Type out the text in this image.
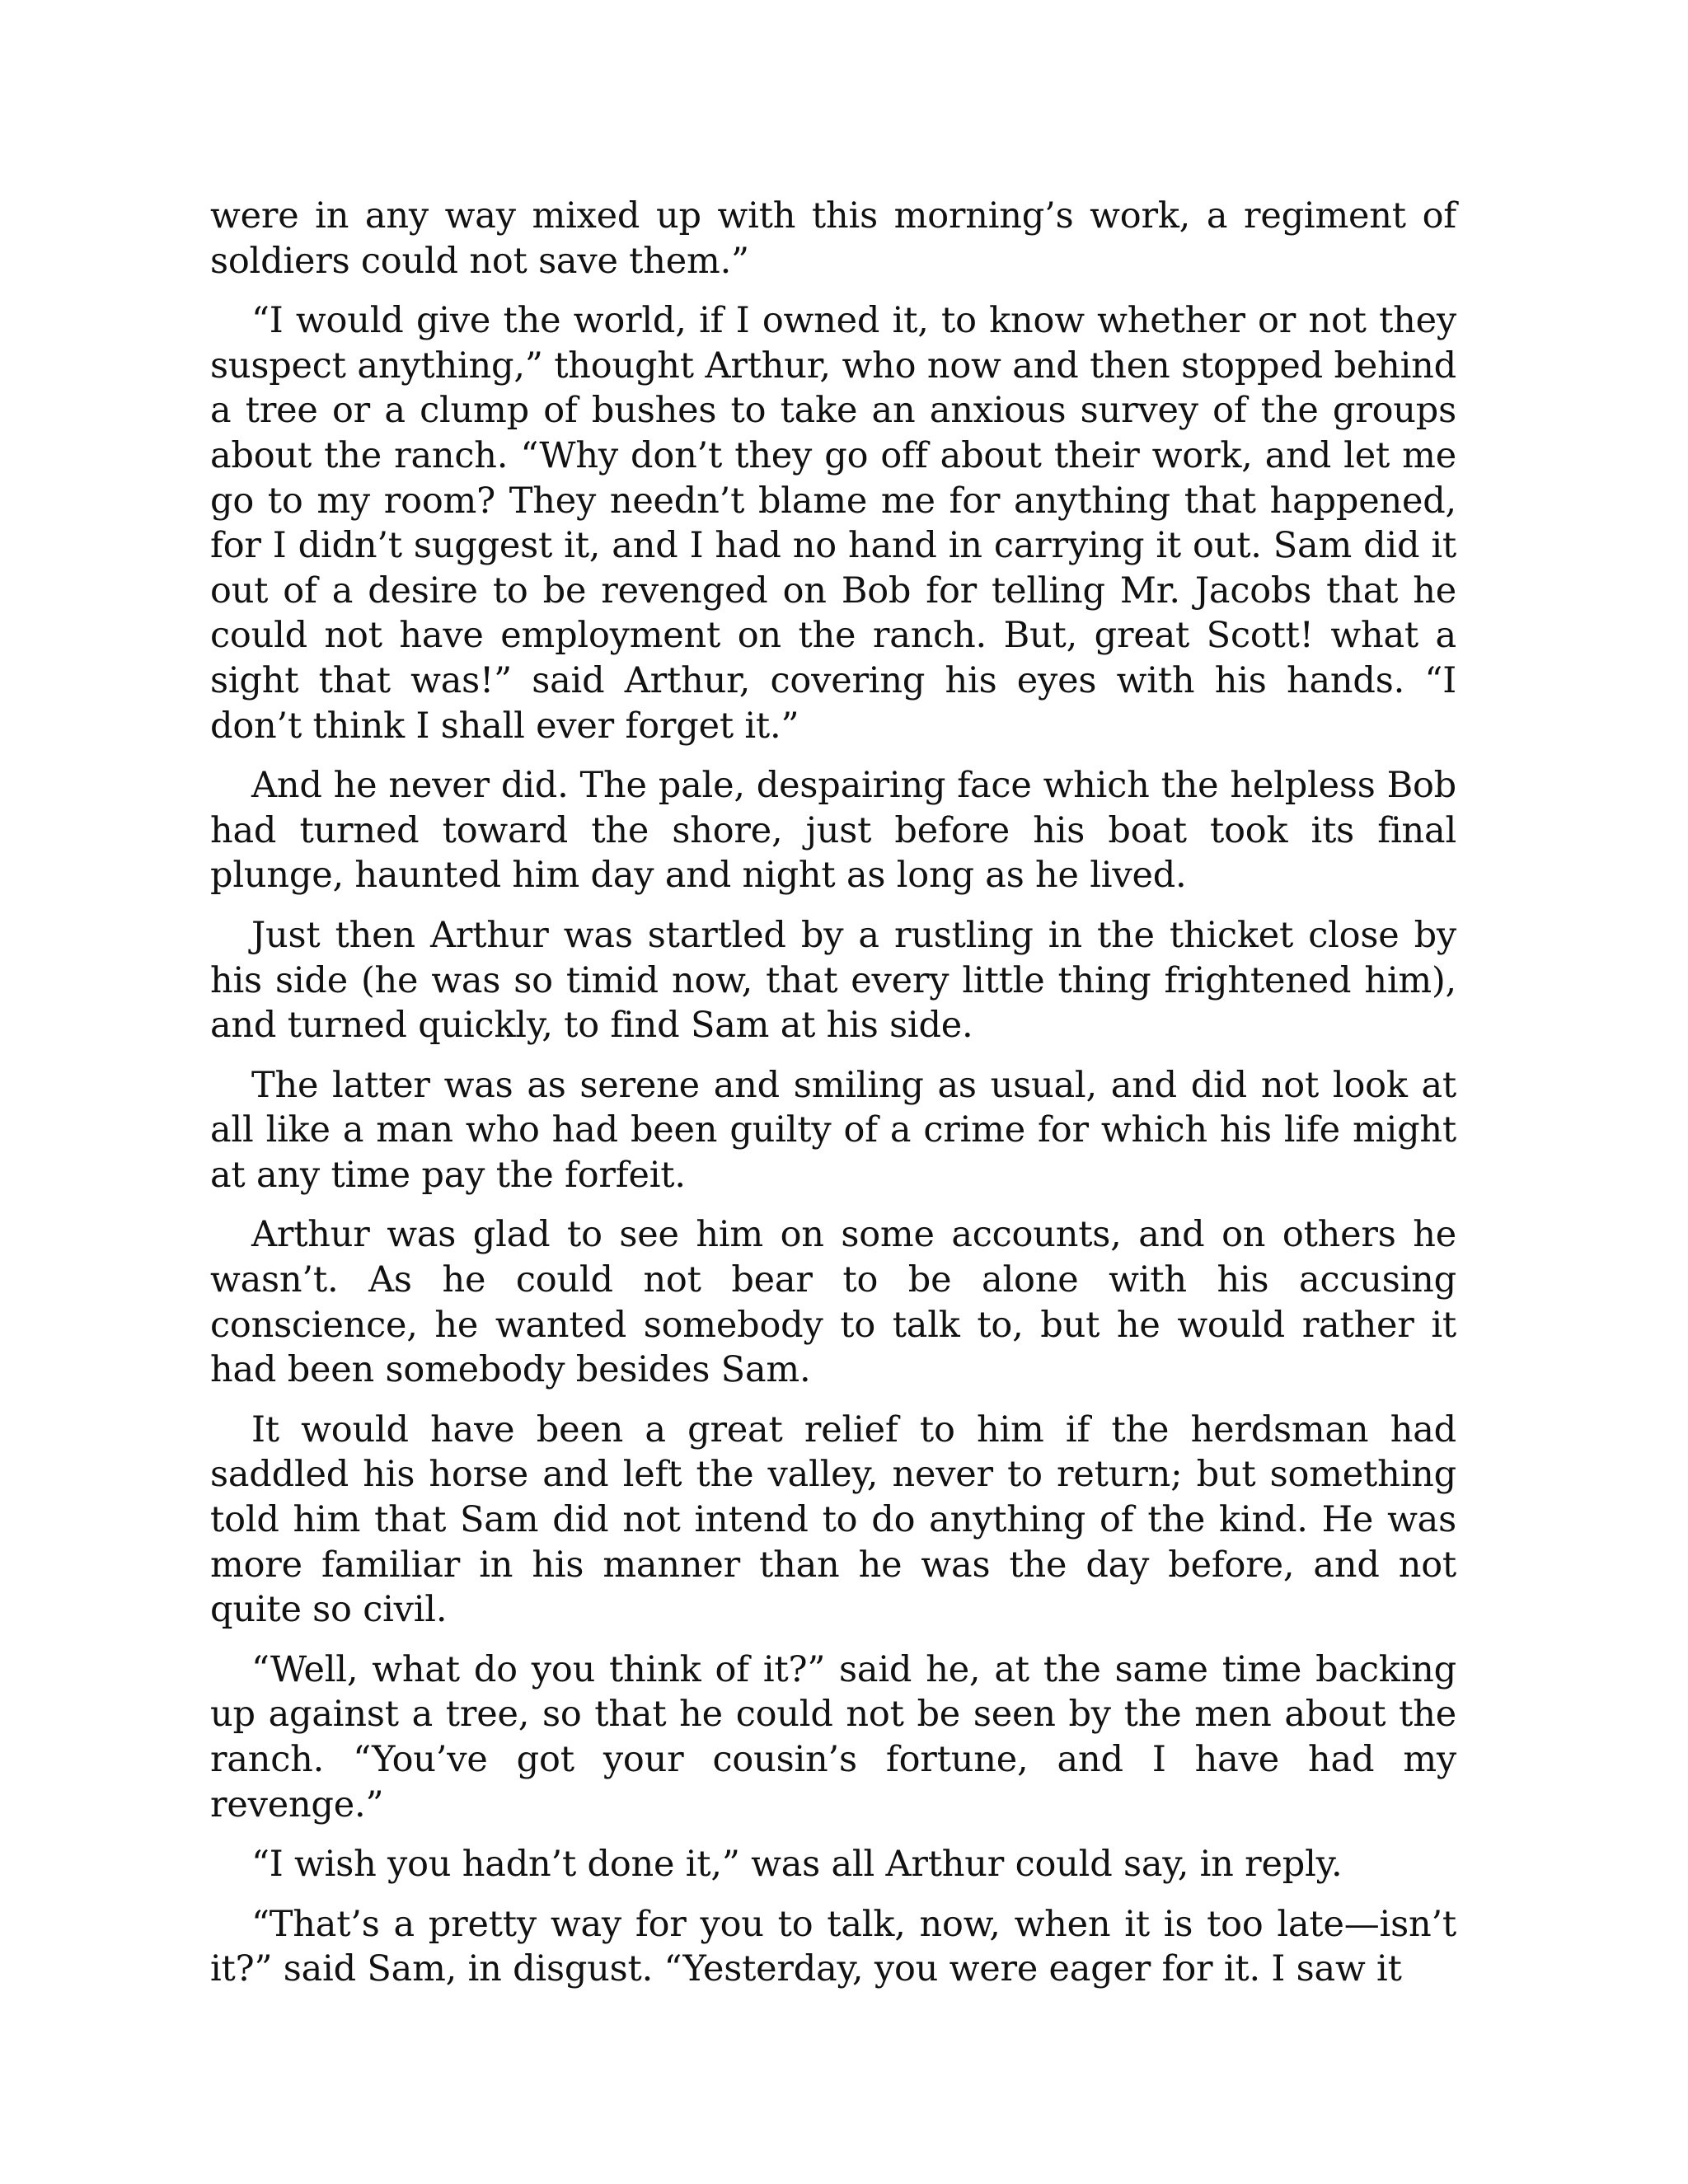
were in any way mixed up with this morning’s work, a regiment of soldiers could not save them.”

“I would give the world, if I owned it, to know whether or not they suspect anything,” thought Arthur, who now and then stopped behind a tree or a clump of bushes to take an anxious survey of the groups about the ranch. “Why don’t they go off about their work, and let me go to my room? They needn’t blame me for anything that happened, for I didn’t suggest it, and I had no hand in carrying it out. Sam did it out of a desire to be revenged on Bob for telling Mr. Jacobs that he could not have employment on the ranch. But, great Scott! what a sight that was!” said Arthur, covering his eyes with his hands. “I don’t think I shall ever forget it.”

And he never did. The pale, despairing face which the helpless Bob had turned toward the shore, just before his boat took its final plunge, haunted him day and night as long as he lived.

Just then Arthur was startled by a rustling in the thicket close by his side (he was so timid now, that every little thing frightened him), and turned quickly, to find Sam at his side.

The latter was as serene and smiling as usual, and did not look at all like a man who had been guilty of a crime for which his life might at any time pay the forfeit.

Arthur was glad to see him on some accounts, and on others he wasn’t. As he could not bear to be alone with his accusing conscience, he wanted somebody to talk to, but he would rather it had been somebody besides Sam.

It would have been a great relief to him if the herdsman had saddled his horse and left the valley, never to return; but something told him that Sam did not intend to do anything of the kind. He was more familiar in his manner than he was the day before, and not quite so civil.

“Well, what do you think of it?” said he, at the same time backing up against a tree, so that he could not be seen by the men about the ranch. “You’ve got your cousin’s fortune, and I have had my revenge.”

“I wish you hadn’t done it,” was all Arthur could say, in reply.

“That’s a pretty way for you to talk, now, when it is too late—isn’t it?” said Sam, in disgust. “Yesterday, you were eager for it. I saw it
